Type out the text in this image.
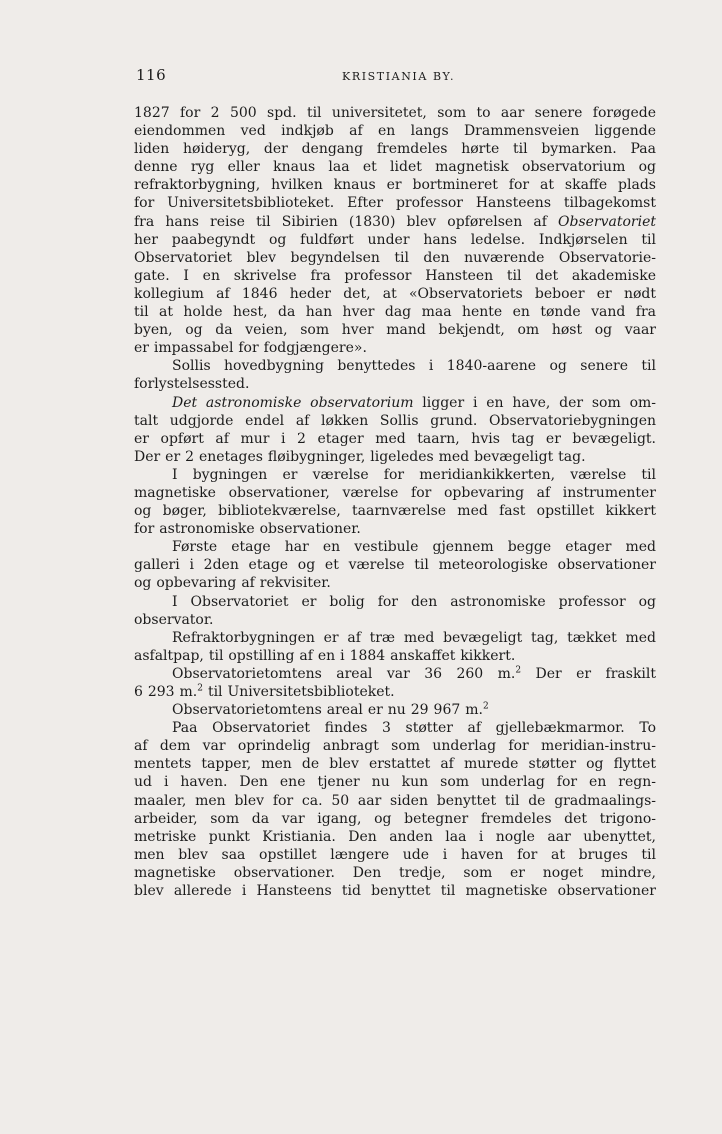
116	KRISTIANIA BY.

1827 for 2 500 spd. til universitetet, som to aar senere forøgede

eiendommen ved indkjøb af en langs Drammensveien liggende

liden høideryg, der dengang fremdeles hørte til bymarken. Paa

denne ryg eller knaus laa et lidet magnetisk observatorium og

refraktorbygning, hvilken knaus er bortmineret for at skaffe plads

for Universitetsbiblioteket. Efter professor Hansteens tilbagekomst

fra hans reise til Sibirien (1830) blev opførelsen af Observatoriet

her paabegyndt og fuldført under hans ledelse. Indkjørselen til

Observatoriet blev begyndelsen til den nuværende Observatorie-

gate. I en skrivelse fra professor Hansteen til det akademiske

kollegium af 1846 heder det, at «Observatoriets beboer er nødt

til at holde hest, da han hver dag maa hente en tønde vand fra

byen, og da veien, som hver mand bekjendt, om høst og vaar

er impassabel for fodgjængere».

Sollis hovedbygning benyttedes i 1840-aarene og senere til

forlystelsessted.

Det astronomiske observatorium ligger i en have, der som om-

talt udgjorde endel af løkken Sollis grund. Observatoriebygningen

er opført af mur i 2 etager med taarn, hvis tag er bevægeligt.

Der er 2 enetages fløibygninger, ligeledes med bevægeligt tag.

I bygningen er værelse for meridiankikkerten, værelse til

magnetiske observationer, værelse for opbevaring af instrumenter

og bøger, bibliotekværelse, taarnværelse med fast opstillet kikkert

for astronomiske observationer.

Første etage har en vestibule gjennem begge etager med

galleri i 2den etage og et værelse til meteorologiske observationer

og opbevaring af rekvisiter.

I Observatoriet er bolig for den astronomiske professor og

observator.

Refraktorbygningen er af træ med bevægeligt tag, tækket med

asfaltpap, til opstilling af en i 1884 anskaffet kikkert.

Observatorietomtens areal var 36 260 m.$^2$ Der er fraskilt

6 293 m.$^2$ til Universitetsbiblioteket.

Observatorietomtens areal er nu 29 967 m.$^2$

Paa Observatoriet findes 3 støtter af gjellebækmarmor. To

af dem var oprindelig anbragt som underlag for meridian-instru-

mentets tapper, men de blev erstattet af murede støtter og flyttet

ud i haven. Den ene tjener nu kun som underlag for en regn-

maaler, men blev for ca. 50 aar siden benyttet til de gradmaalings-

arbeider, som da var igang, og betegner fremdeles det trigono-

metriske punkt Kristiania. Den anden laa i nogle aar ubenyttet,

men blev saa opstillet længere ude i haven for at bruges til

magnetiske observationer. Den tredje, som er noget mindre,

blev allerede i Hansteens tid benyttet til magnetiske observationer
